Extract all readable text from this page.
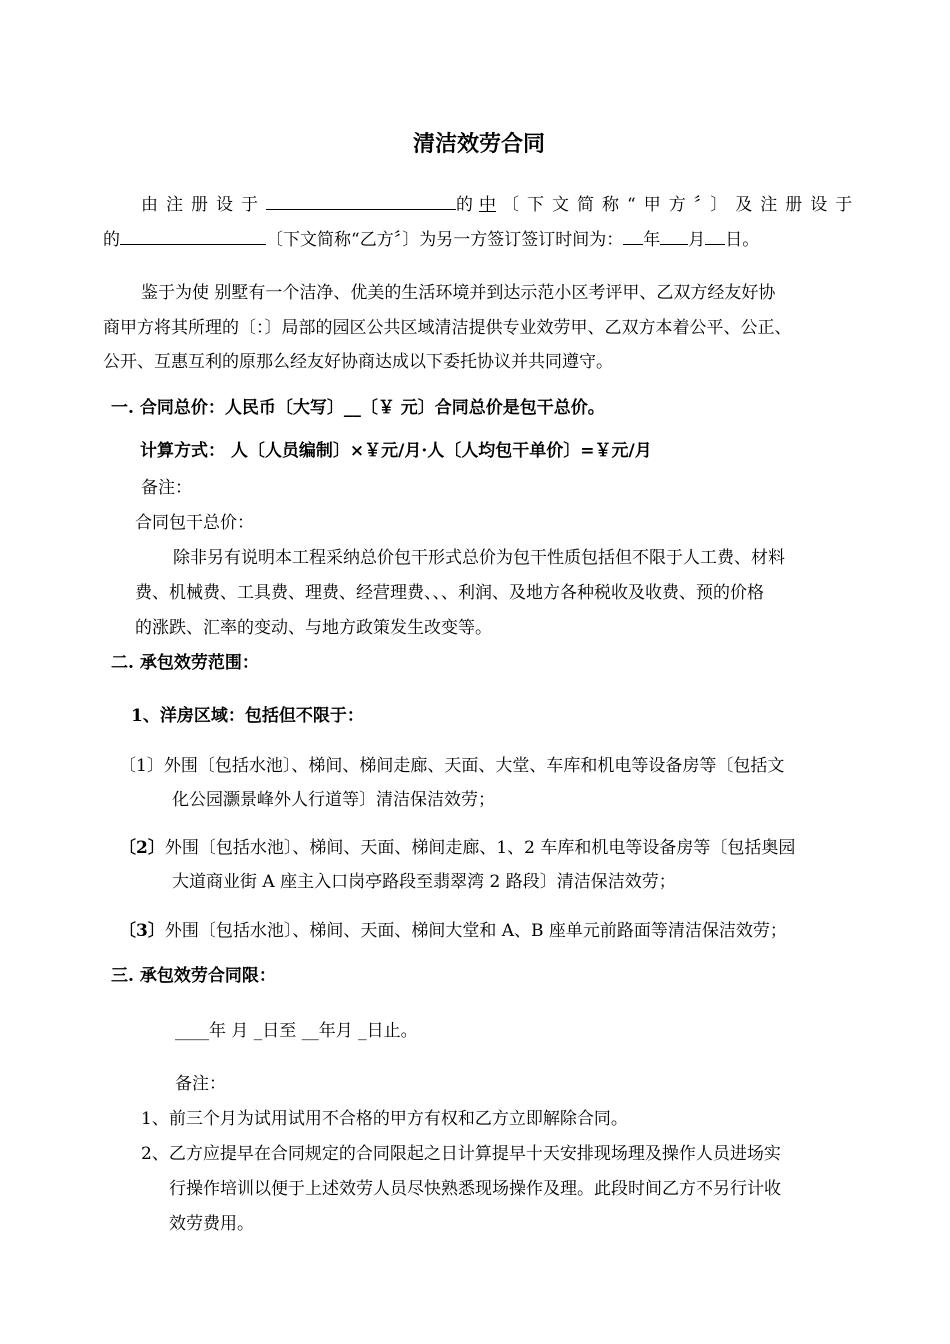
清洁效劳合同
由注册设于	的 中 〔下文简称“甲方〞〕及注册设于
的	〔下文简称“乙方〞〕为另一方签订签订时间为： 年 月 日。
鉴于为使 别墅有一个洁净、优美的生活环境并到达示范小区考评甲、乙双方经友好协
商甲方将其所理的〔：〕局部的园区公共区域清洁提供专业效劳甲、乙双方本着公平、公正、
公开、互惠互利的原那么经友好协商达成以下委托协议并共同遵守。
一. 合同总价：人民币〔大写〕__〔￥ 元〕合同总价是包干总价。
计算方式： 人〔人员编制〕×￥元/月·人〔人均包干单价〕=￥元/月
备注：
合同包干总价：
除非另有说明本工程采纳总价包干形式总价为包干性质包括但不限于人工费、材料
费、机械费、工具费、理费、经营理费、、、利润、及地方各种税收及收费、预的价格
的涨跌、汇率的变动、与地方政策发生改变等。
二. 承包效劳范围：
1、洋房区域：包括但不限于：
〔1〕外围〔包括水池〕、梯间、梯间走廊、天面、大堂、车库和机电等设备房等〔包括文
化公园灏景峰外人行道等〕清洁保洁效劳；
〔2〕外围〔包括水池〕、梯间、天面、梯间走廊、1、2 车库和机电等设备房等〔包括奥园
大道商业街 A 座主入口岗亭路段至翡翠湾 2 路段〕清洁保洁效劳；
〔3〕外围〔包括水池〕、梯间、天面、梯间大堂和 A、B 座单元前路面等清洁保洁效劳；
三. 承包效劳合同限：
____年 月 _日至 __年月 _日止。
备注：
1、前三个月为试用试用不合格的甲方有权和乙方立即解除合同。
2、乙方应提早在合同规定的合同限起之日计算提早十天安排现场理及操作人员进场实
行操作培训以便于上述效劳人员尽快熟悉现场操作及理。此段时间乙方不另行计收
效劳费用。
